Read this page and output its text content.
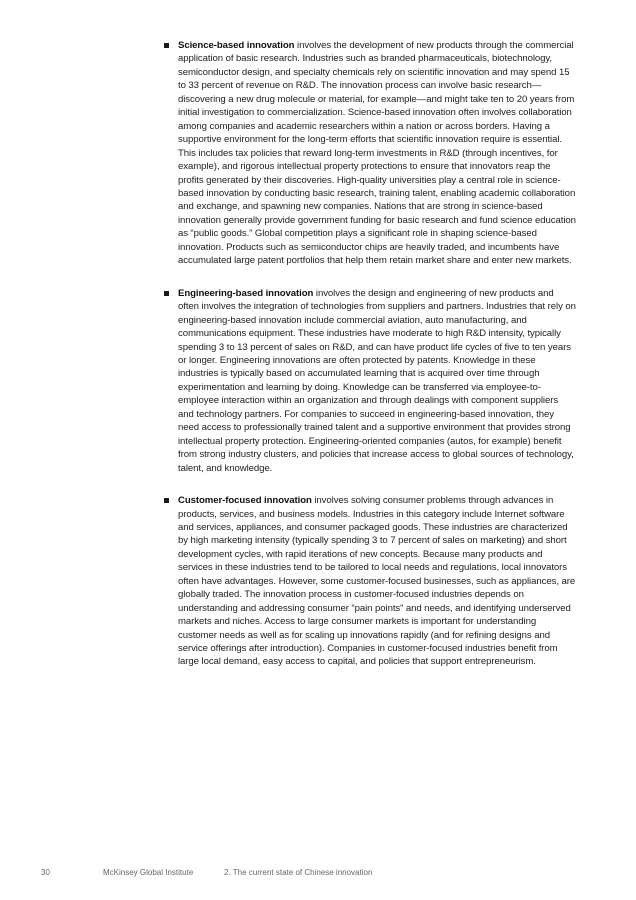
Science-based innovation involves the development of new products through the commercial application of basic research. Industries such as branded pharmaceuticals, biotechnology, semiconductor design, and specialty chemicals rely on scientific innovation and may spend 15 to 33 percent of revenue on R&D. The innovation process can involve basic research—discovering a new drug molecule or material, for example—and might take ten to 20 years from initial investigation to commercialization. Science-based innovation often involves collaboration among companies and academic researchers within a nation or across borders. Having a supportive environment for the long-term efforts that scientific innovation require is essential. This includes tax policies that reward long-term investments in R&D (through incentives, for example), and rigorous intellectual property protections to ensure that innovators reap the profits generated by their discoveries. High-quality universities play a central role in science-based innovation by conducting basic research, training talent, enabling academic collaboration and exchange, and spawning new companies. Nations that are strong in science-based innovation generally provide government funding for basic research and fund science education as “public goods.” Global competition plays a significant role in shaping science-based innovation. Products such as semiconductor chips are heavily traded, and incumbents have accumulated large patent portfolios that help them retain market share and enter new markets.
Engineering-based innovation involves the design and engineering of new products and often involves the integration of technologies from suppliers and partners. Industries that rely on engineering-based innovation include commercial aviation, auto manufacturing, and communications equipment. These industries have moderate to high R&D intensity, typically spending 3 to 13 percent of sales on R&D, and can have product life cycles of five to ten years or longer. Engineering innovations are often protected by patents. Knowledge in these industries is typically based on accumulated learning that is acquired over time through experimentation and learning by doing. Knowledge can be transferred via employee-to-employee interaction within an organization and through dealings with component suppliers and technology partners. For companies to succeed in engineering-based innovation, they need access to professionally trained talent and a supportive environment that provides strong intellectual property protection. Engineering-oriented companies (autos, for example) benefit from strong industry clusters, and policies that increase access to global sources of technology, talent, and knowledge.
Customer-focused innovation involves solving consumer problems through advances in products, services, and business models. Industries in this category include Internet software and services, appliances, and consumer packaged goods. These industries are characterized by high marketing intensity (typically spending 3 to 7 percent of sales on marketing) and short development cycles, with rapid iterations of new concepts. Because many products and services in these industries tend to be tailored to local needs and regulations, local innovators often have advantages. However, some customer-focused businesses, such as appliances, are globally traded. The innovation process in customer-focused industries depends on understanding and addressing consumer “pain points” and needs, and identifying underserved markets and niches. Access to large consumer markets is important for understanding customer needs as well as for scaling up innovations rapidly (and for refining designs and service offerings after introduction). Companies in customer-focused industries benefit from large local demand, easy access to capital, and policies that support entrepreneurism.
30	McKinsey Global Institute	2. The current state of Chinese innovation
